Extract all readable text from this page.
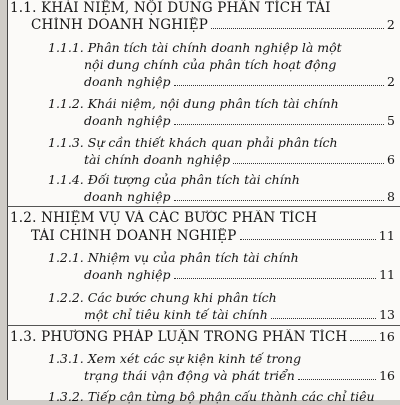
1.1. KHÁI NIỆM, NỘI DUNG PHÂN TÍCH TÀI
CHÍNH DOANH NGHIỆP	2
1.1.1. Phân tích tài chính doanh nghiệp là một
nội dung chính của phân tích hoạt động
doanh nghiệp	2
1.1.2. Khái niệm, nội dung phân tích tài chính
doanh nghiệp	5
1.1.3. Sự cần thiết khách quan phải phân tích
tài chính doanh nghiệp	6
1.1.4. Đối tượng của phân tích tài chính
doanh nghiệp	8
1.2. NHIỆM VỤ VÀ CÁC BƯỚC PHÂN TÍCH
TÀI CHÍNH DOANH NGHIỆP	11
1.2.1. Nhiệm vụ của phân tích tài chính
doanh nghiệp	11
1.2.2. Các bước chung khi phân tích
một chỉ tiêu kinh tế tài chính	13
1.3. PHƯƠNG PHÁP LUẬN TRONG PHÂN TÍCH	16
1.3.1. Xem xét các sự kiện kinh tế trong
trạng thái vận động và phát triển	16
1.3.2. Tiếp cận từng bộ phận cấu thành các chỉ tiêu
